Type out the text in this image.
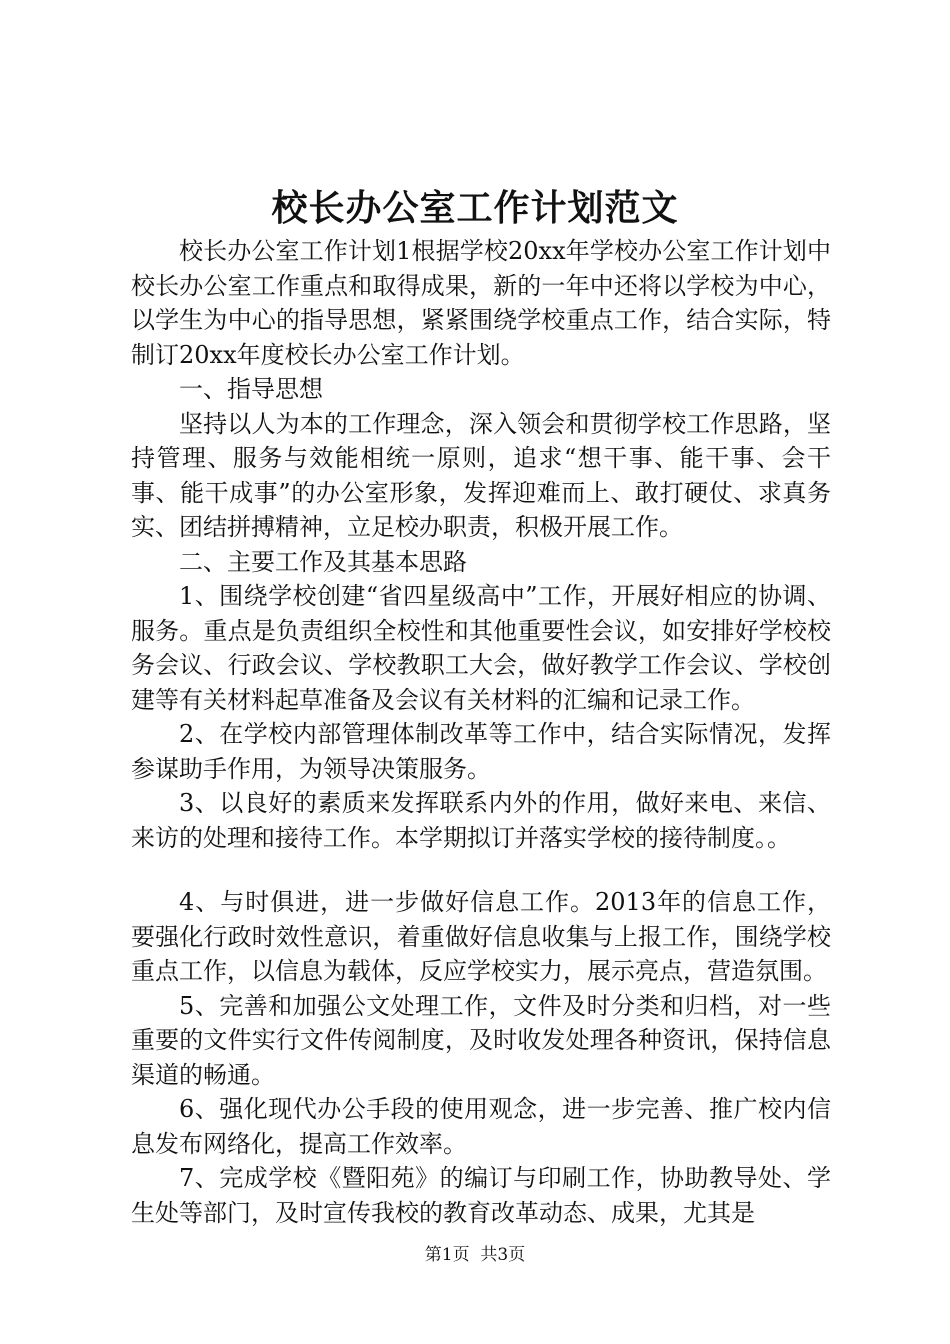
校长办公室工作计划范文

校长办公室工作计划1根据学校20xx年学校办公室工作计划中校长办公室工作重点和取得成果，新的一年中还将以学校为中心，以学生为中心的指导思想，紧紧围绕学校重点工作，结合实际，特制订20xx年度校长办公室工作计划。

一、指导思想

坚持以人为本的工作理念，深入领会和贯彻学校工作思路，坚持管理、服务与效能相统一原则，追求“想干事、能干事、会干事、能干成事”的办公室形象，发挥迎难而上、敢打硬仗、求真务实、团结拼搏精神，立足校办职责，积极开展工作。

二、主要工作及其基本思路

1、围绕学校创建“省四星级高中”工作，开展好相应的协调、服务。重点是负责组织全校性和其他重要性会议，如安排好学校校务会议、行政会议、学校教职工大会，做好教学工作会议、学校创建等有关材料起草准备及会议有关材料的汇编和记录工作。

2、在学校内部管理体制改革等工作中，结合实际情况，发挥参谋助手作用，为领导决策服务。

3、以良好的素质来发挥联系内外的作用，做好来电、来信、来访的处理和接待工作。本学期拟订并落实学校的接待制度。。

4、与时俱进，进一步做好信息工作。2013年的信息工作，要强化行政时效性意识，着重做好信息收集与上报工作，围绕学校重点工作，以信息为载体，反应学校实力，展示亮点，营造氛围。

5、完善和加强公文处理工作，文件及时分类和归档，对一些重要的文件实行文件传阅制度，及时收发处理各种资讯，保持信息渠道的畅通。

6、强化现代办公手段的使用观念，进一步完善、推广校内信息发布网络化，提高工作效率。

7、完成学校《暨阳苑》的编订与印刷工作，协助教导处、学生处等部门，及时宣传我校的教育改革动态、成果，尤其是

第1页 共3页
